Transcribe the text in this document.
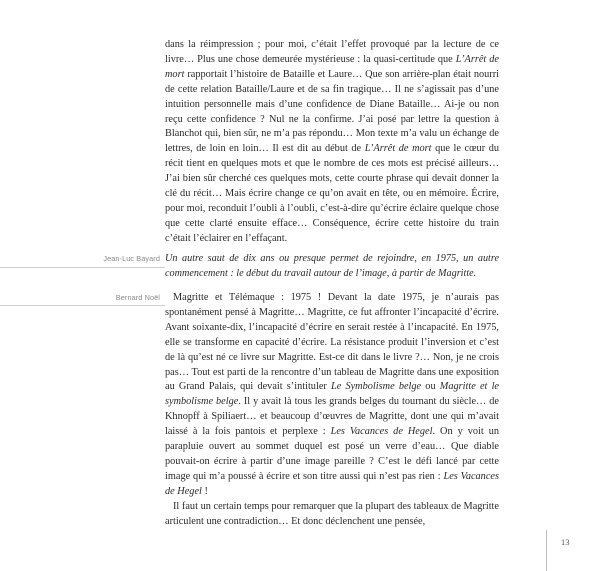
dans la réimpression ; pour moi, c’était l’effet provoqué par la lecture de ce livre… Plus une chose demeurée mystérieuse : la quasi-certitude que L’Arrêt de mort rapportait l’histoire de Bataille et Laure… Que son arrière-plan était nourri de cette relation Bataille/Laure et de sa fin tragique… Il ne s’agissait pas d’une intuition personnelle mais d’une confidence de Diane Bataille… Ai-je ou non reçu cette confidence ? Nul ne la confirme. J’ai posé par lettre la question à Blanchot qui, bien sûr, ne m’a pas répondu… Mon texte m’a valu un échange de lettres, de loin en loin… Il est dit au début de L’Arrêt de mort que le cœur du récit tient en quelques mots et que le nombre de ces mots est précisé ailleurs… J’ai bien sûr cherché ces quelques mots, cette courte phrase qui devait donner la clé du récit… Mais écrire change ce qu’on avait en tête, ou en mémoire. Écrire, pour moi, reconduit l’oubli à l’oubli, c’est-à-dire qu’écrire éclaire quelque chose que cette clarté ensuite efface… Conséquence, écrire cette histoire du train c’était l’éclairer en l’effaçant.

Jean-Luc Bayard Un autre saut de dix ans ou presque permet de rejoindre, en 1975, un autre commencement : le début du travail autour de l’image, à partir de Magritte.
Bernard Noël	Magritte et Télémaque : 1975 ! Devant la date 1975, je n’aurais pas spontanément pensé à Magritte… Magritte, ce fut affronter l’incapacité d’écrire. Avant soixante-dix, l’incapacité d’écrire en serait restée à l’incapacité. En 1975, elle se transforme en capacité d’écrire. La résistance produit l’inversion et c’est de là qu’est né ce livre sur Magritte. Est-ce dit dans le livre ?… Non, je ne crois pas… Tout est parti de la rencontre d’un tableau de Magritte dans une exposition au Grand Palais, qui devait s’intituler Le Symbolisme belge ou Magritte et le symbolisme belge. Il y avait là tous les grands belges du tournant du siècle… de Khnopff à Spiliaert… et beaucoup d’œuvres de Magritte, dont une qui m’avait laissé à la fois pantois et perplexe : Les Vacances de Hegel. On y voit un parapluie ouvert au sommet duquel est posé un verre d’eau… Que diable pouvait-on écrire à partir d’une image pareille ? C’est le défi lancé par cette image qui m’a poussé à écrire et son titre aussi qui n’est pas rien : Les Vacances de Hegel !

Il faut un certain temps pour remarquer que la plupart des tableaux de Magritte articulent une contradiction… Et donc déclenchent une pensée,

13
